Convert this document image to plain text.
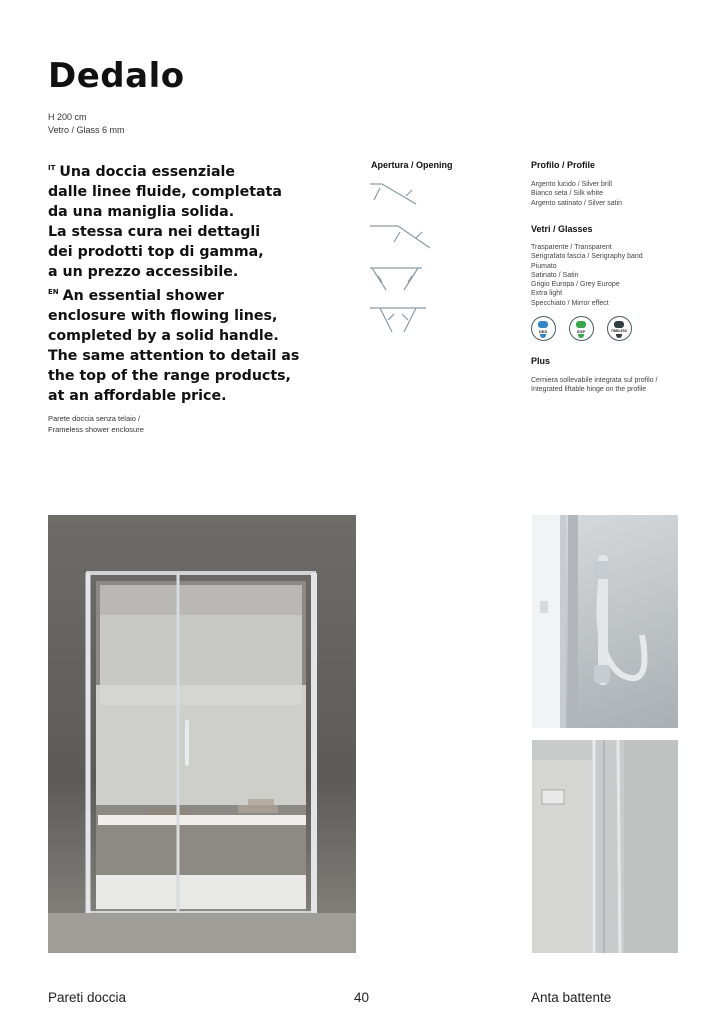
Dedalo
H 200 cm
Vetro / Glass 6 mm
$^{IT}$ Una doccia essenziale
dalle linee fluide, completata
da una maniglia solida.
La stessa cura nei dettagli
dei prodotti top di gamma,
a un prezzo accessibile.
$^{EN}$ An essential shower
enclosure with flowing lines,
completed by a solid handle.
The same attention to detail as
the top of the range products,
at an affordable price.
Parete doccia senza telaio /
Frameless shower enclosure
Apertura / Opening	Profilo / Profile
Argento lucido / Silver brill
Bianco seta / Silk white
Argento satinato / Silver satin
Vetri / Glasses
Trasparente / Transparent
Serigrafato fascia / Serigraphy band
Piumato
Satinato / Satin
Grigio Europa / Grey Europe
Extra light
Specchiato / Mirror effect
GES	SGP	TIMELESS
Plus
Cerniera sollevabile integrata sul profilo /
Integrated liftable hinge on the profile
Pareti doccia	40	Anta battente
